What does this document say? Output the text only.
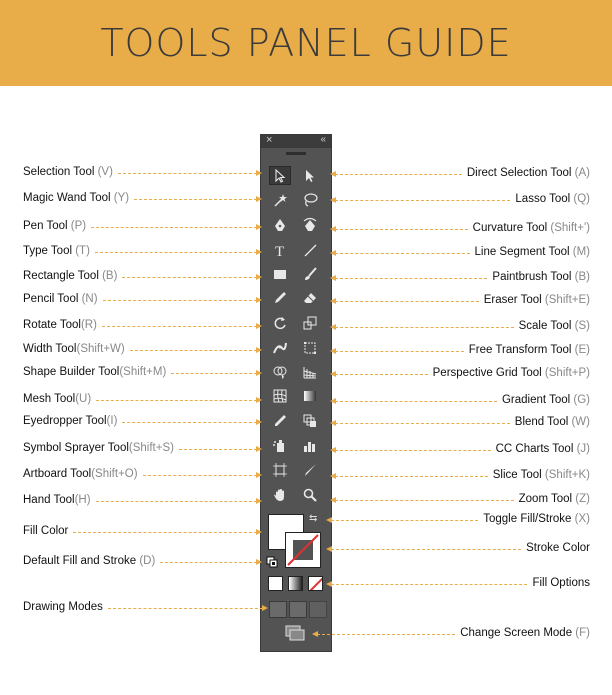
TOOLS PANEL GUIDE
×	«
T
Selection Tool (V)
Magic Wand Tool (Y)
Pen Tool (P)
Type Tool (T)
Rectangle Tool (B)
Pencil Tool (N)
Rotate Tool(R)
Width Tool(Shift+W)
Shape Builder Tool(Shift+M)
Mesh Tool(U)
Eyedropper Tool(I)
Symbol Sprayer Tool(Shift+S)
Artboard Tool(Shift+O)
Hand Tool(H)
Fill Color
Default Fill and Stroke (D)
Drawing Modes
Direct Selection Tool (A)
Lasso Tool (Q)
Curvature Tool (Shift+')
Line Segment Tool (M)
Paintbrush Tool (B)
Eraser Tool (Shift+E)
Scale Tool (S)
Free Transform Tool (E)
Perspective Grid Tool (Shift+P)
Gradient Tool (G)
Blend Tool (W)
CC Charts Tool (J)
Slice Tool (Shift+K)
Zoom Tool (Z)
Toggle Fill/Stroke (X)
Stroke Color
Fill Options
Change Screen Mode (F)
⇆
